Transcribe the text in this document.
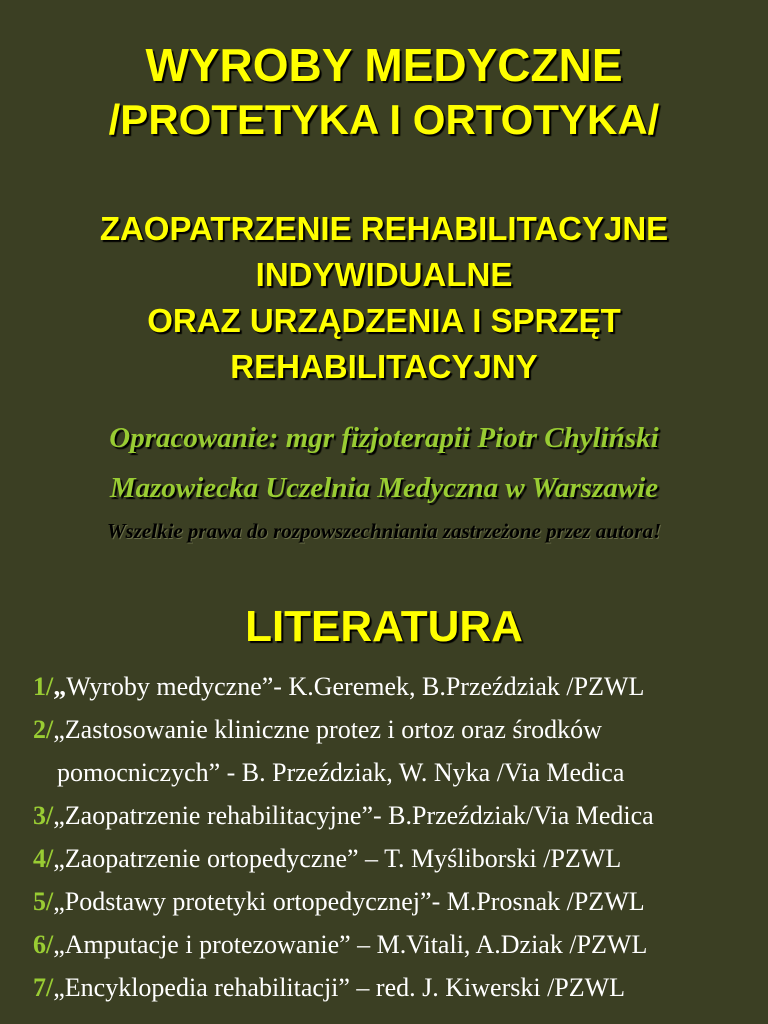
WYROBY MEDYCZNE
/PROTETYKA I ORTOTYKA/
ZAOPATRZENIE REHABILITACYJNE
INDYWIDUALNE
ORAZ URZĄDZENIA I SPRZĘT
REHABILITACYJNY
Opracowanie: mgr fizjoterapii Piotr Chyliński
Mazowiecka Uczelnia Medyczna w Warszawie
Wszelkie prawa do rozpowszechniania zastrzeżone przez autora!
LITERATURA
1/„Wyroby medyczne”- K.Geremek, B.Przeździak /PZWL
2/„Zastosowanie kliniczne protez i ortoz oraz środków
pomocniczych” - B. Przeździak, W. Nyka /Via Medica
3/„Zaopatrzenie rehabilitacyjne”- B.Przeździak/Via Medica
4/„Zaopatrzenie ortopedyczne” – T. Myśliborski /PZWL
5/„Podstawy protetyki ortopedycznej”- M.Prosnak /PZWL
6/„Amputacje i protezowanie” – M.Vitali, A.Dziak /PZWL
7/„Encyklopedia rehabilitacji” – red. J. Kiwerski /PZWL
